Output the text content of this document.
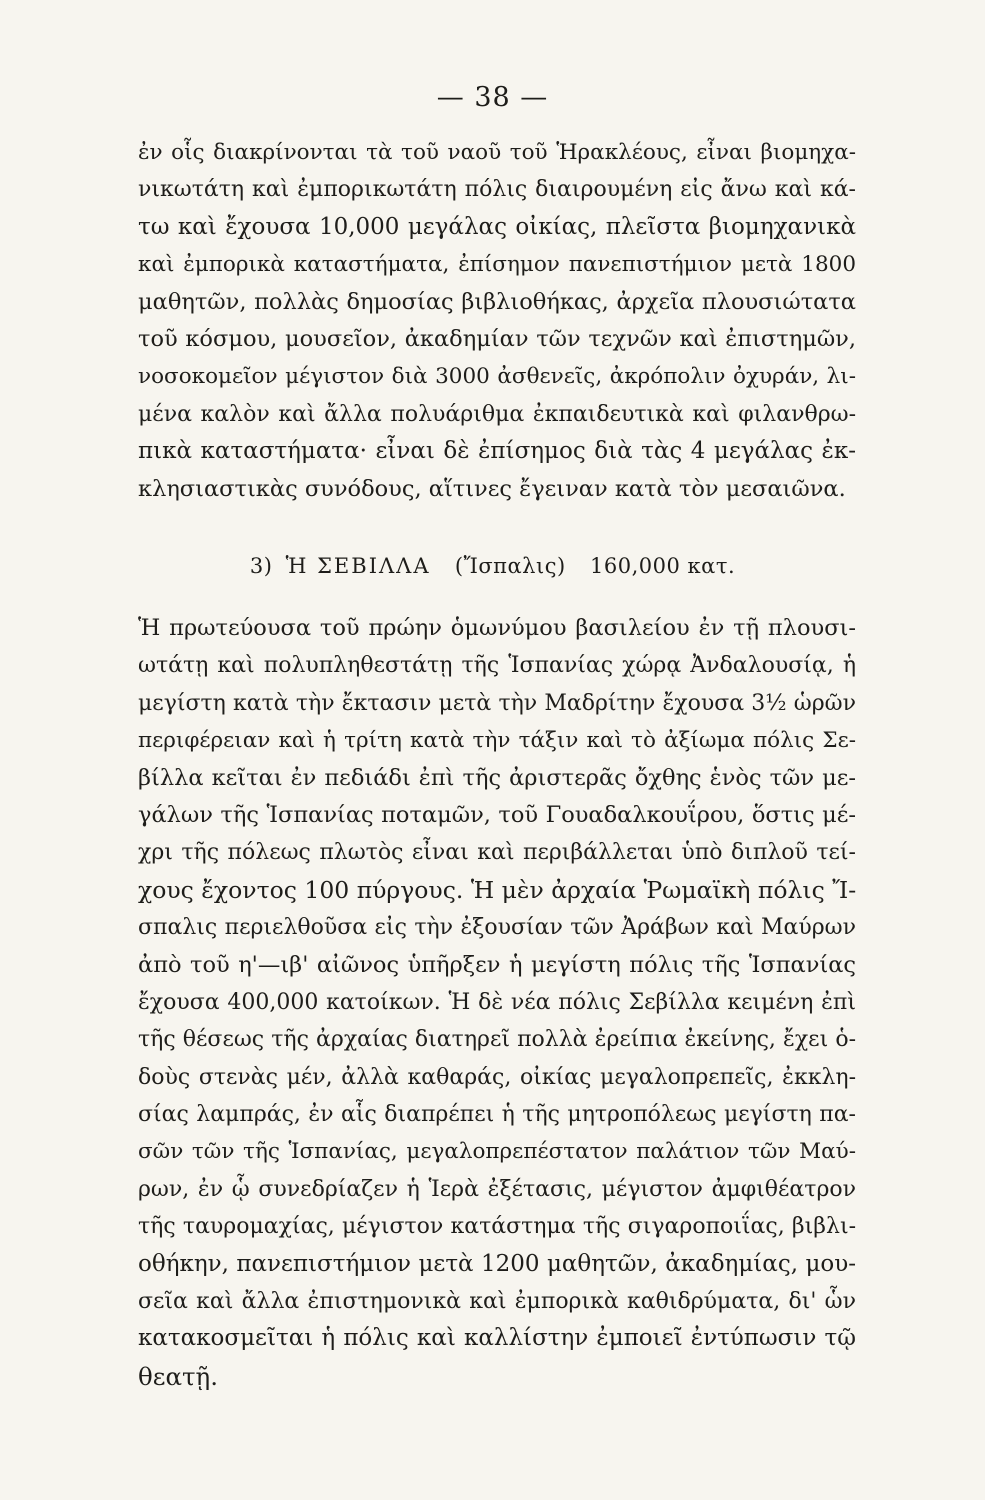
— 38 —
ἐν οἷς διακρίνονται τὰ τοῦ ναοῦ τοῦ Ἡρακλέους, εἶναι βιομηχα-
νικωτάτη καὶ ἐμπορικωτάτη πόλις διαιρουμένη εἰς ἄνω καὶ κά-
τω καὶ ἔχουσα 10,000 μεγάλας οἰκίας, πλεῖστα βιομηχανικὰ
καὶ ἐμπορικὰ καταστήματα, ἐπίσημον πανεπιστήμιον μετὰ 1800
μαθητῶν, πολλὰς δημοσίας βιβλιοθήκας, ἀρχεῖα πλουσιώτατα
τοῦ κόσμου, μουσεῖον, ἀκαδημίαν τῶν τεχνῶν καὶ ἐπιστημῶν,
νοσοκομεῖον μέγιστον διὰ 3000 ἀσθενεῖς, ἀκρόπολιν ὀχυράν, λι-
μένα καλὸν καὶ ἄλλα πολυάριθμα ἐκπαιδευτικὰ καὶ φιλανθρω-
πικὰ καταστήματα· εἶναι δὲ ἐπίσημος διὰ τὰς 4 μεγάλας ἐκ-
κλησιαστικὰς συνόδους, αἵτινες ἔγειναν κατὰ τὸν μεσαιῶνα.
3) Ἡ ΣΕΒΙΛΛΑ (Ἴσπαλις) 160,000 κατ.
Ἡ πρωτεύουσα τοῦ πρώην ὁμωνύμου βασιλείου ἐν τῇ πλουσι-
ωτάτῃ καὶ πολυπληθεστάτῃ τῆς Ἱσπανίας χώρᾳ Ἀνδαλουσίᾳ, ἡ
μεγίστη κατὰ τὴν ἔκτασιν μετὰ τὴν Μαδρίτην ἔχουσα 3½ ὡρῶν
περιφέρειαν καὶ ἡ τρίτη κατὰ τὴν τάξιν καὶ τὸ ἀξίωμα πόλις Σε-
βίλλα κεῖται ἐν πεδιάδι ἐπὶ τῆς ἀριστερᾶς ὄχθης ἑνὸς τῶν με-
γάλων τῆς Ἱσπανίας ποταμῶν, τοῦ Γουαδαλκουΐρου, ὅστις μέ-
χρι τῆς πόλεως πλωτὸς εἶναι καὶ περιβάλλεται ὑπὸ διπλοῦ τεί-
χους ἔχοντος 100 πύργους. Ἡ μὲν ἀρχαία Ῥωμαϊκὴ πόλις Ἴ-
σπαλις περιελθοῦσα εἰς τὴν ἐξουσίαν τῶν Ἀράβων καὶ Μαύρων
ἀπὸ τοῦ η'—ιβ' αἰῶνος ὑπῆρξεν ἡ μεγίστη πόλις τῆς Ἱσπανίας
ἔχουσα 400,000 κατοίκων. Ἡ δὲ νέα πόλις Σεβίλλα κειμένη ἐπὶ
τῆς θέσεως τῆς ἀρχαίας διατηρεῖ πολλὰ ἐρείπια ἐκείνης, ἔχει ὁ-
δοὺς στενὰς μέν, ἀλλὰ καθαράς, οἰκίας μεγαλοπρεπεῖς, ἐκκλη-
σίας λαμπράς, ἐν αἷς διαπρέπει ἡ τῆς μητροπόλεως μεγίστη πα-
σῶν τῶν τῆς Ἱσπανίας, μεγαλοπρεπέστατον παλάτιον τῶν Μαύ-
ρων, ἐν ᾧ συνεδρίαζεν ἡ Ἱερὰ ἐξέτασις, μέγιστον ἀμφιθέατρον
τῆς ταυρομαχίας, μέγιστον κατάστημα τῆς σιγαροποιΐας, βιβλι-
οθήκην, πανεπιστήμιον μετὰ 1200 μαθητῶν, ἀκαδημίας, μου-
σεῖα καὶ ἄλλα ἐπιστημονικὰ καὶ ἐμπορικὰ καθιδρύματα, δι' ὧν
κατακοσμεῖται ἡ πόλις καὶ καλλίστην ἐμποιεῖ ἐντύπωσιν τῷ
θεατῇ.
